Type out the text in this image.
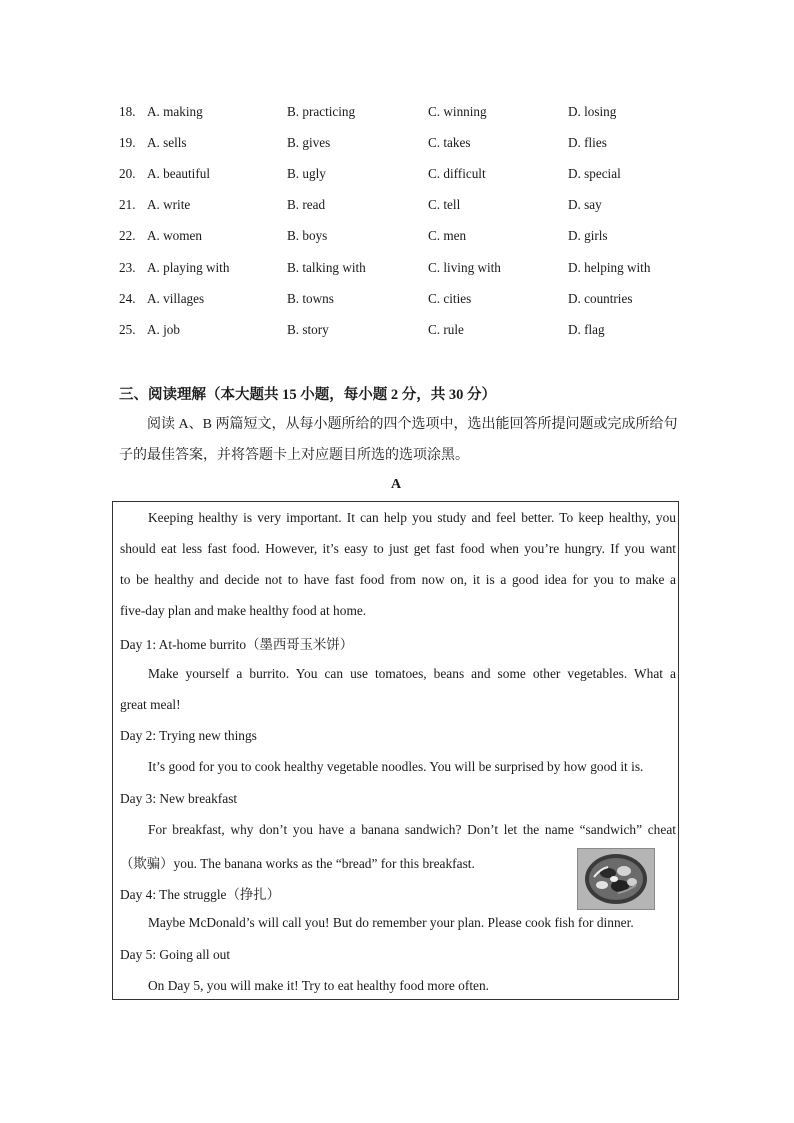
18. A. making	B. practicing	C. winning	D. losing
19. A. sells	B. gives	C. takes	D. flies
20. A. beautiful	B. ugly	C. difficult	D. special
21. A. write	B. read	C. tell	D. say
22. A. women	B. boys	C. men	D. girls
23. A. playing with	B. talking with	C. living with	D. helping with
24. A. villages	B. towns	C. cities	D. countries
25. A. job	B. story	C. rule	D. flag
三、阅读理解（本大题共 15 小题，每小题 2 分，共 30 分）
阅读 A、B 两篇短文，从每小题所给的四个选项中，选出能回答所提问题或完成所给句
子的最佳答案，并将答题卡上对应题目所选的选项涂黑。
A
Keeping healthy is very important. It can help you study and feel better. To keep healthy, you
should eat less fast food. However, it’s easy to just get fast food when you’re hungry. If you want
to be healthy and decide not to have fast food from now on, it is a good idea for you to make a
five-day plan and make healthy food at home.
Day 1: At-home burrito（墨西哥玉米饼）
Make yourself a burrito. You can use tomatoes, beans and some other vegetables. What a
great meal!
Day 2: Trying new things
It’s good for you to cook healthy vegetable noodles. You will be surprised by how good it is.
Day 3: New breakfast
For breakfast, why don’t you have a banana sandwich? Don’t let the name “sandwich” cheat
（欺骗）you. The banana works as the “bread” for this breakfast.
Day 4: The struggle（挣扎）
Maybe McDonald’s will call you! But do remember your plan. Please cook fish for dinner.
Day 5: Going all out
On Day 5, you will make it! Try to eat healthy food more often.
